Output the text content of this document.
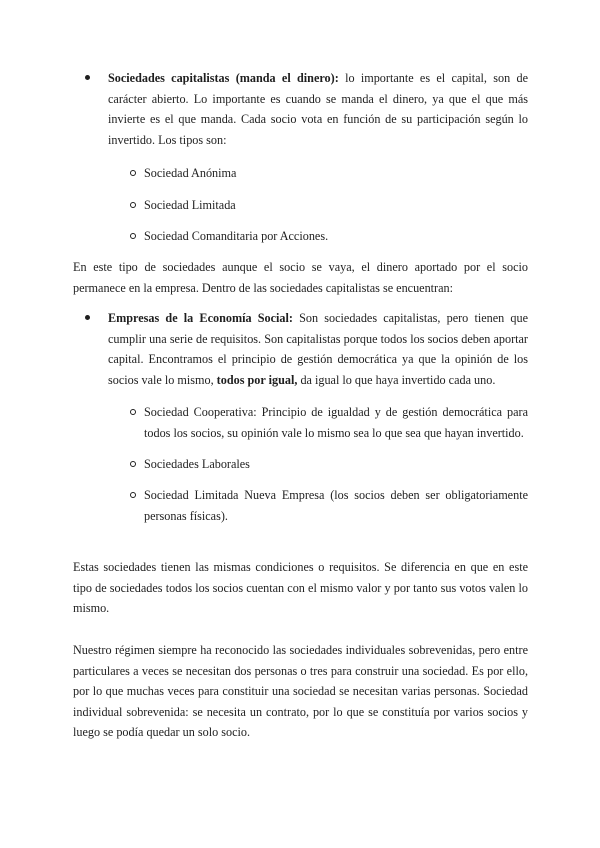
Sociedades capitalistas (manda el dinero): lo importante es el capital, son de carácter abierto. Lo importante es cuando se manda el dinero, ya que el que más invierte es el que manda. Cada socio vota en función de su participación según lo invertido. Los tipos son:

Sociedad Anónima

Sociedad Limitada

Sociedad Comanditaria por Acciones.

En este tipo de sociedades aunque el socio se vaya, el dinero aportado por el socio permanece en la empresa. Dentro de las sociedades capitalistas se encuentran:

Empresas de la Economía Social: Son sociedades capitalistas, pero tienen que cumplir una serie de requisitos. Son capitalistas porque todos los socios deben aportar capital. Encontramos el principio de gestión democrática ya que la opinión de los socios vale lo mismo, todos por igual, da igual lo que haya invertido cada uno.

Sociedad Cooperativa: Principio de igualdad y de gestión democrática para todos los socios, su opinión vale lo mismo sea lo que sea que hayan invertido.

Sociedades Laborales

Sociedad Limitada Nueva Empresa (los socios deben ser obligatoriamente personas físicas).

Estas sociedades tienen las mismas condiciones o requisitos. Se diferencia en que en este tipo de sociedades todos los socios cuentan con el mismo valor y por tanto sus votos valen lo mismo.

Nuestro régimen siempre ha reconocido las sociedades individuales sobrevenidas, pero entre particulares a veces se necesitan dos personas o tres para construir una sociedad. Es por ello, por lo que muchas veces para constituir una sociedad se necesitan varias personas. Sociedad individual sobrevenida: se necesita un contrato, por lo que se constituía por varios socios y luego se podía quedar un solo socio.
